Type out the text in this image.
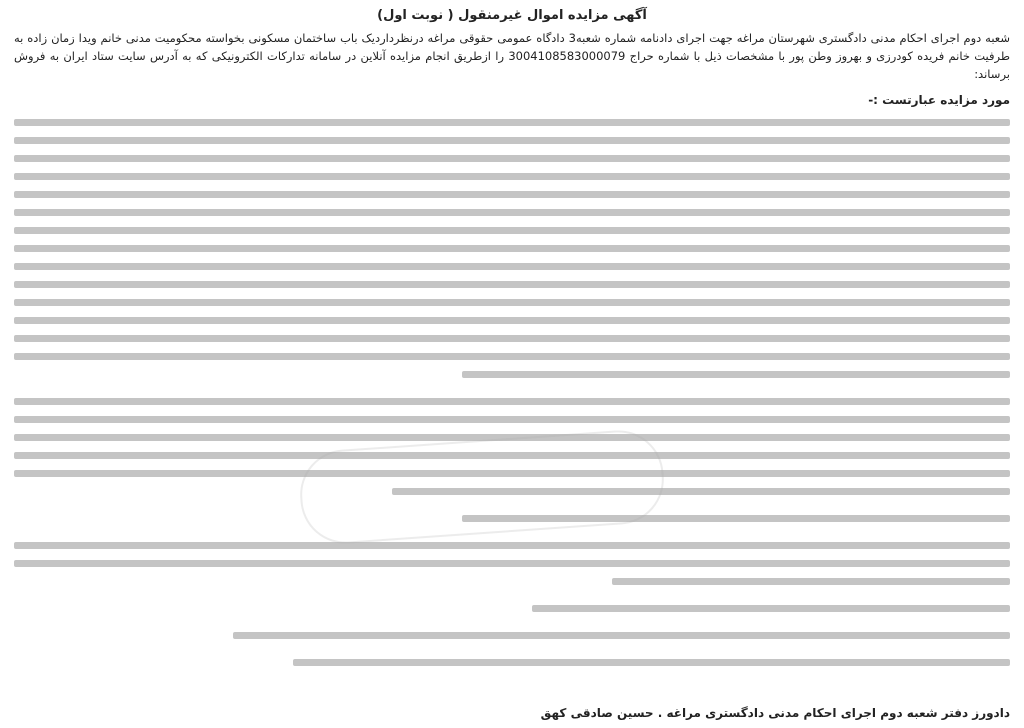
آگهی مزایده اموال غیرمنقول ( نوبت اول)
شعبه دوم اجرای احکام مدنی دادگستری شهرستان مراغه جهت اجرای دادنامه شماره شعبه3 دادگاه عمومی حقوقی مراغه درنظرداردیک باب ساختمان مسکونی بخواسته محکومیت مدنی خانم ویدا زمان زاده به طرفیت خانم فریده کودرزی و بهروز وطن پور با مشخصات ذیل با شماره حراج 3004108583000079 را ازطریق انجام مزایده آنلاین در سامانه تدارکات الکترونیکی که به آدرس سایت ستاد ایران به فروش برساند:
مورد مزایده عبارتست :-
دادورز دفتر شعبه دوم اجرای احکام مدنی دادگستری مراغه . حسین صادقی کهق
